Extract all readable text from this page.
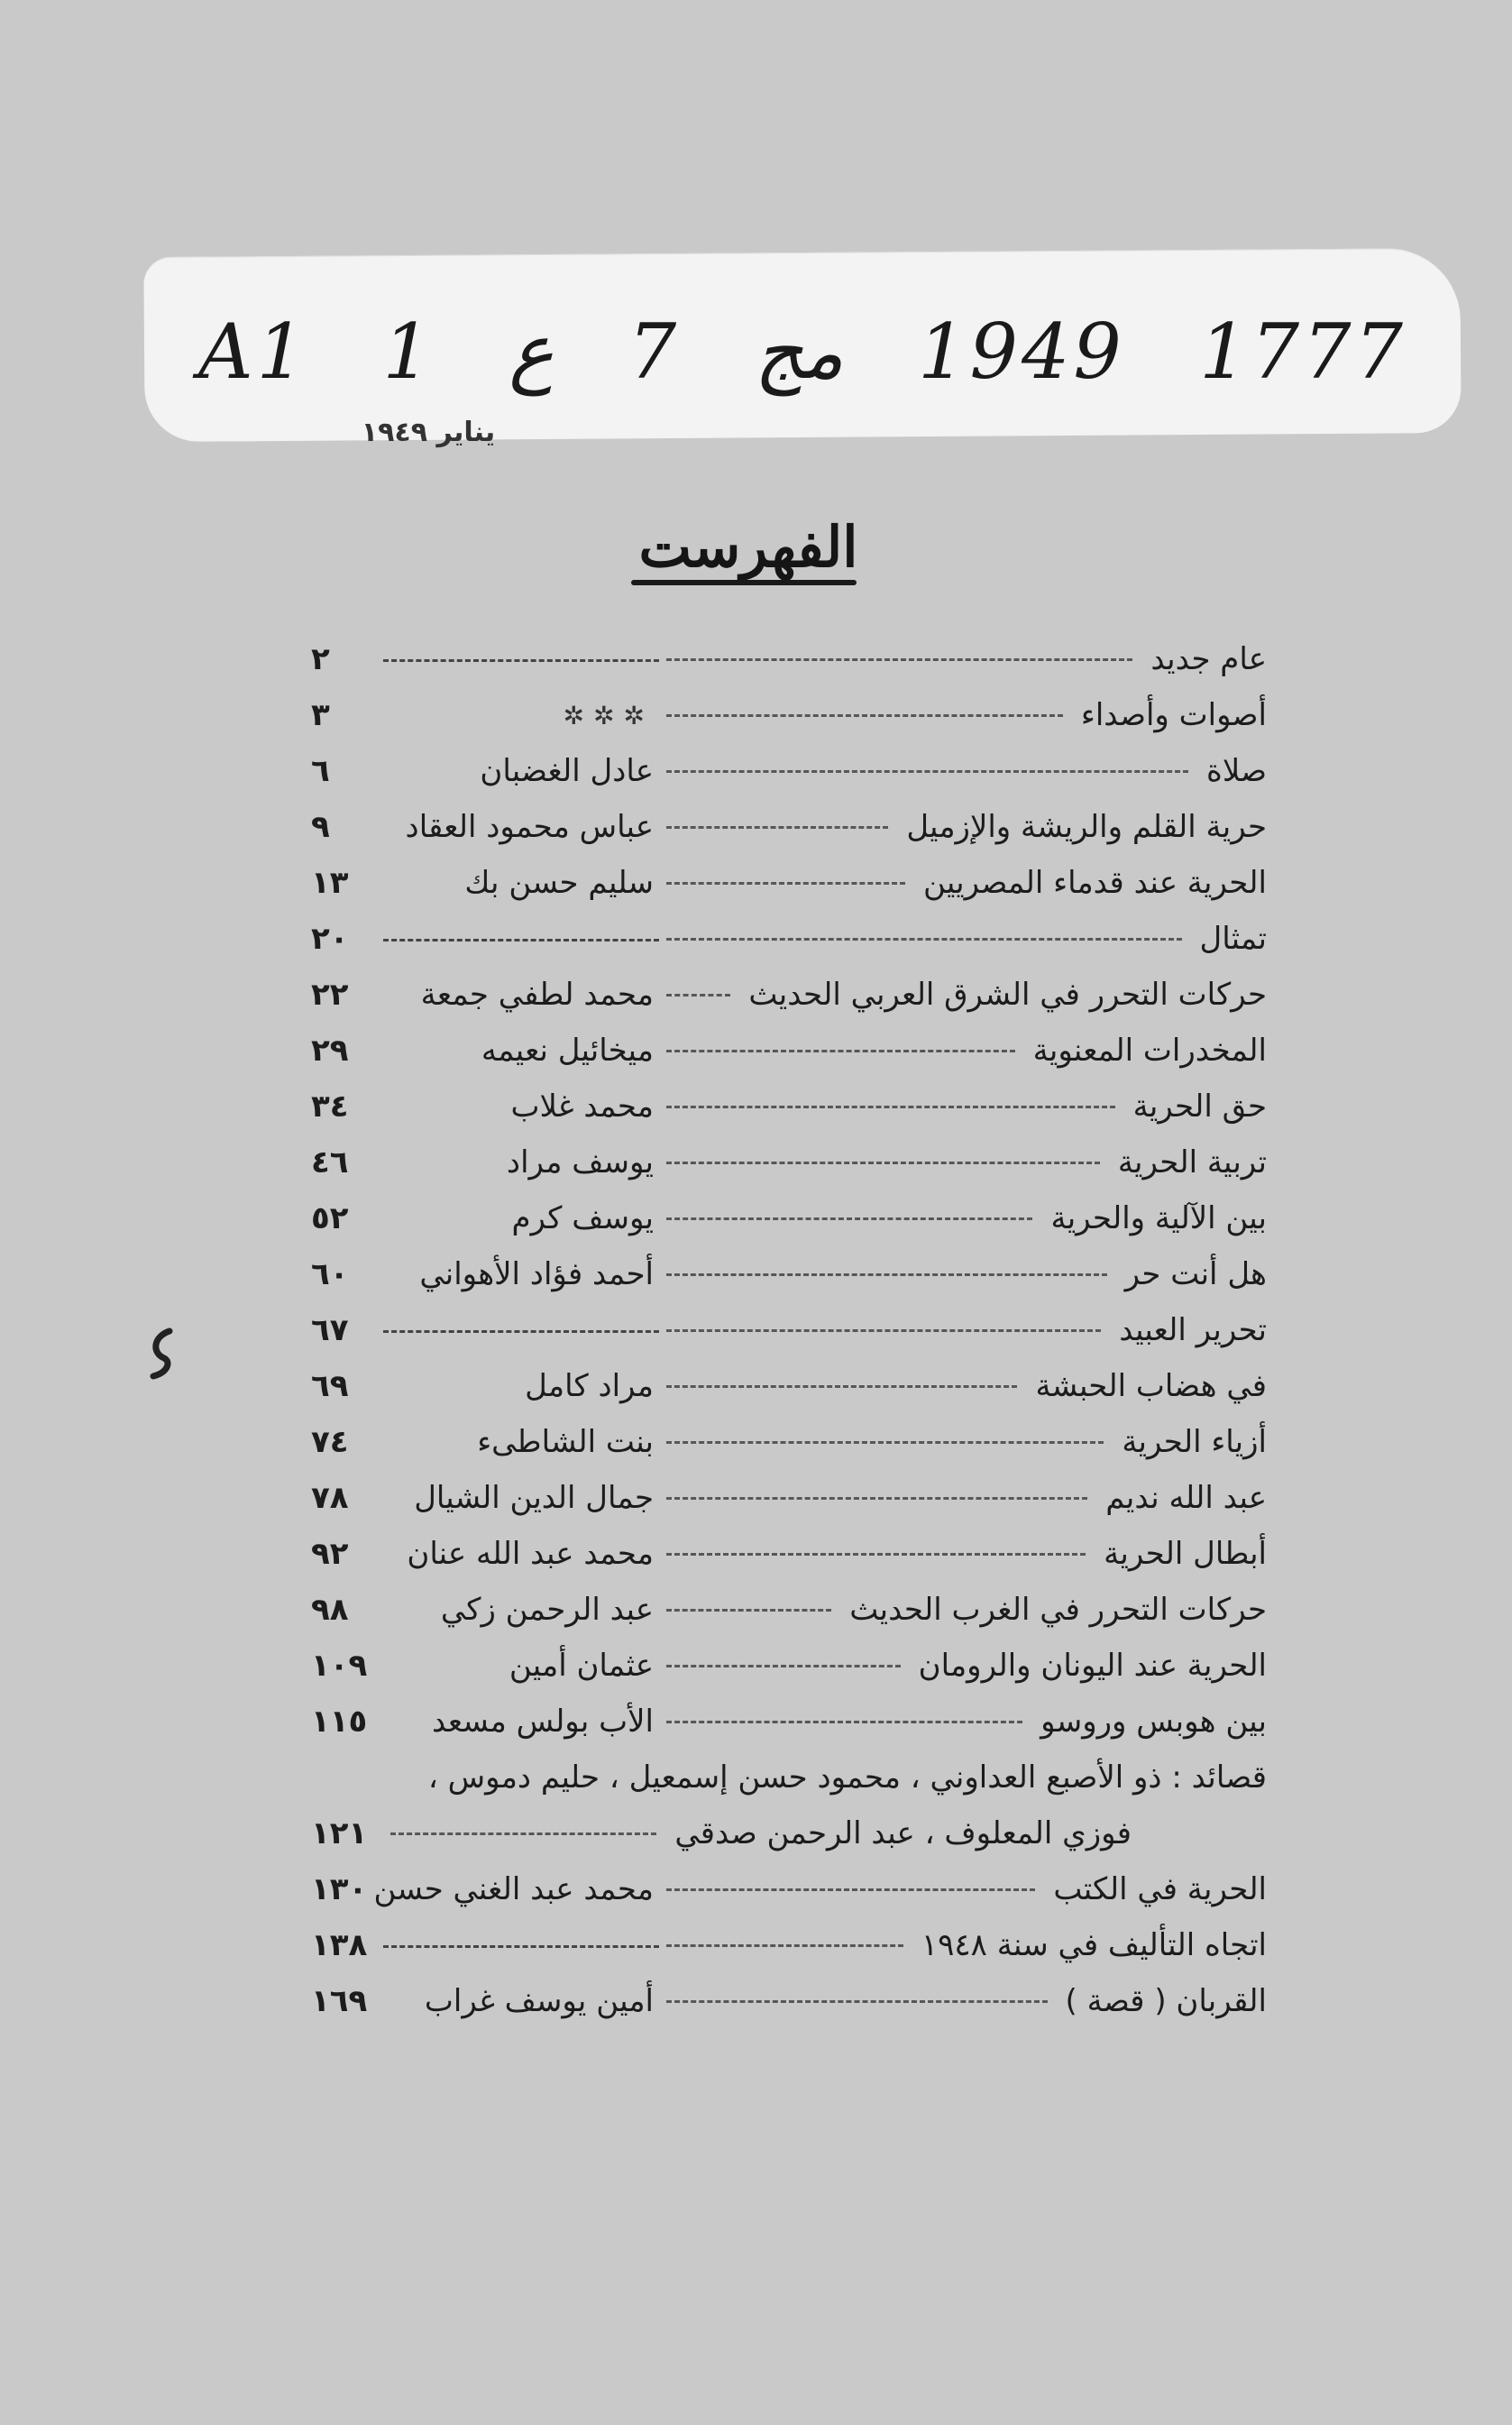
A1 1 ع 7 مج 1949 1777
يناير ١٩٤٩
الفهرست
عام جديد
٢
أصوات وأصداء
✲✲✲
٣
صلاة
عادل الغضبان
٦
حرية القلم والريشة والإزميل
عباس محمود العقاد
٩
الحرية عند قدماء المصريين
سليم حسن بك
١٣
تمثال
٢٠
حركات التحرر في الشرق العربي الحديث
محمد لطفي جمعة
٢٢
المخدرات المعنوية
ميخائيل نعيمه
٢٩
حق الحرية
محمد غلاب
٣٤
تربية الحرية
يوسف مراد
٤٦
بين الآلية والحرية
يوسف كرم
٥٢
هل أنت حر
أحمد فؤاد الأهواني
٦٠
تحرير العبيد
٦٧
في هضاب الحبشة
مراد كامل
٦٩
أزياء الحرية
بنت الشاطىء
٧٤
عبد الله نديم
جمال الدين الشيال
٧٨
أبطال الحرية
محمد عبد الله عنان
٩٢
حركات التحرر في الغرب الحديث
عبد الرحمن زكي
٩٨
الحرية عند اليونان والرومان
عثمان أمين
١٠٩
بين هوبس وروسو
الأب بولس مسعد
١١٥
قصائد : ذو الأصبع العداوني ، محمود حسن إسمعيل ، حليم دموس ،
فوزي المعلوف ، عبد الرحمن صدقي
١٢١
الحرية في الكتب
محمد عبد الغني حسن
١٣٠
اتجاه التأليف في سنة ١٩٤٨
١٣٨
القربان ( قصة )
أمين يوسف غراب
١٦٩
